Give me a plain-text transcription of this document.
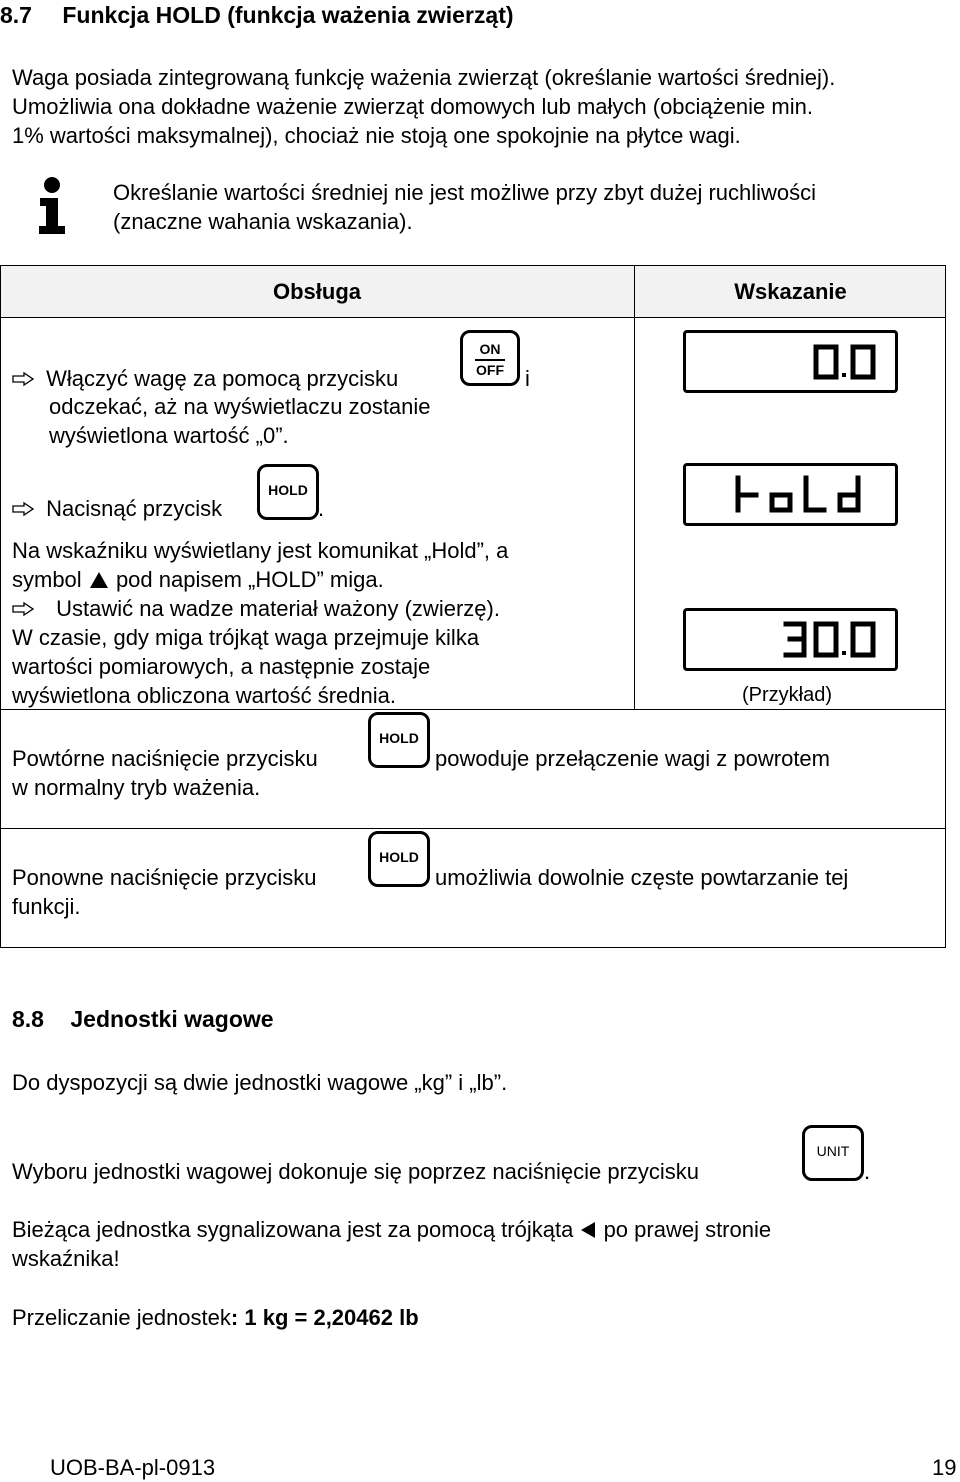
8.7 Funkcja HOLD (funkcja ważenia zwierząt)
Waga posiada zintegrowaną funkcję ważenia zwierząt (określanie wartości średniej).
Umożliwia ona dokładne ważenie zwierząt domowych lub małych (obciążenie min.
1% wartości maksymalnej), chociaż nie stoją one spokojnie na płytce wagi.
Określanie wartości średniej nie jest możliwe przy zbyt dużej ruchliwości
(znaczne wahania wskazania).
Obsługa	Wskazanie
Włączyć wagę za pomocą przycisku
ON
OFF i
odczekać, aż na wyświetlaczu zostanie
wyświetlona wartość „0”.
Nacisnąć przycisk
HOLD
.
Na wskaźniku wyświetlany jest komunikat „Hold”, a
symbol pod napisem „HOLD” miga.
Ustawić na wadze materiał ważony (zwierzę).
W czasie, gdy miga trójkąt waga przejmuje kilka
wartości pomiarowych, a następnie zostaje
wyświetlona obliczona wartość średnia.	(Przykład)
Powtórne naciśnięcie przycisku
HOLD
powoduje przełączenie wagi z powrotem
w normalny tryb ważenia.
Ponowne naciśnięcie przycisku
HOLD
umożliwia dowolnie częste powtarzanie tej
funkcji.
8.8 Jednostki wagowe
Do dyspozycji są dwie jednostki wagowe „kg” i „lb”.
Wyboru jednostki wagowej dokonuje się poprzez naciśnięcie przycisku
UNIT
.
Bieżąca jednostka sygnalizowana jest za pomocą trójkąta po prawej stronie
wskaźnika!
Przeliczanie jednostek: 1 kg = 2,20462 lb
UOB-BA-pl-0913	19
